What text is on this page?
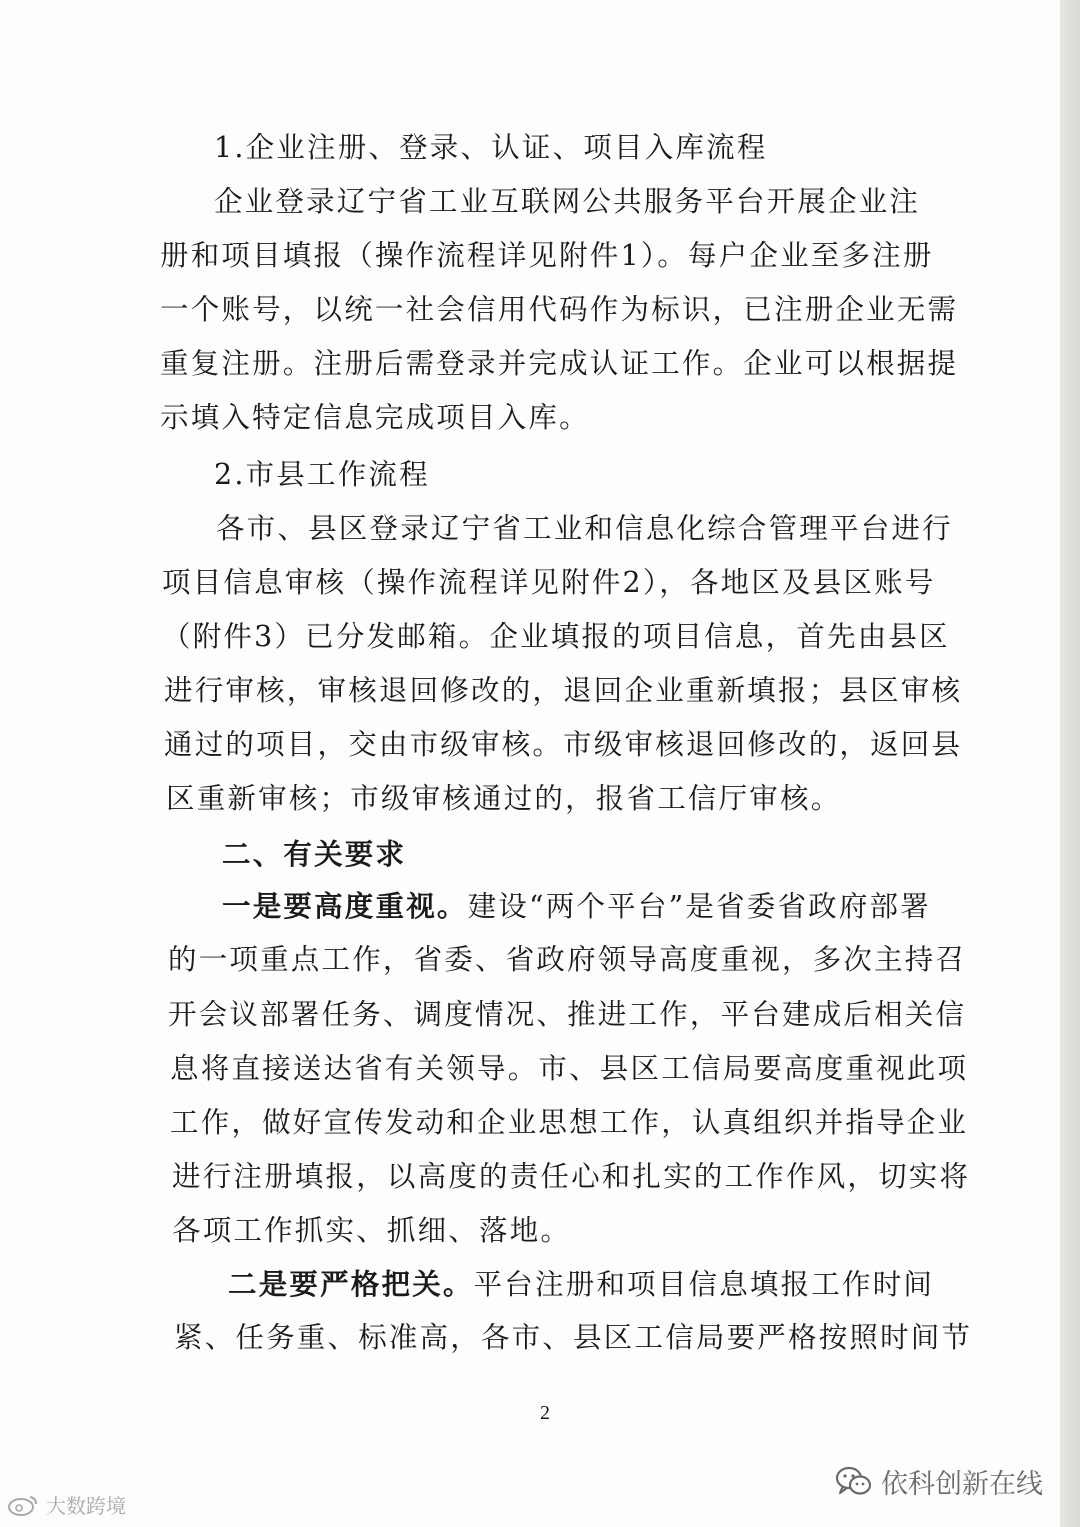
1.企业注册、登录、认证、项目入库流程
企业登录辽宁省工业互联网公共服务平台开展企业注
册和项目填报（操作流程详见附件1）。每户企业至多注册
一个账号，以统一社会信用代码作为标识，已注册企业无需
重复注册。注册后需登录并完成认证工作。企业可以根据提
示填入特定信息完成项目入库。
2.市县工作流程
各市、县区登录辽宁省工业和信息化综合管理平台进行
项目信息审核（操作流程详见附件2），各地区及县区账号
（附件3）已分发邮箱。企业填报的项目信息，首先由县区
进行审核，审核退回修改的，退回企业重新填报；县区审核
通过的项目，交由市级审核。市级审核退回修改的，返回县
区重新审核；市级审核通过的，报省工信厅审核。
二、有关要求
一是要高度重视。建设“两个平台”是省委省政府部署
的一项重点工作，省委、省政府领导高度重视，多次主持召
开会议部署任务、调度情况、推进工作，平台建成后相关信
息将直接送达省有关领导。市、县区工信局要高度重视此项
工作，做好宣传发动和企业思想工作，认真组织并指导企业
进行注册填报，以高度的责任心和扎实的工作作风，切实将
各项工作抓实、抓细、落地。
二是要严格把关。平台注册和项目信息填报工作时间
紧、任务重、标准高，各市、县区工信局要严格按照时间节
2
依科创新在线
大数跨境
